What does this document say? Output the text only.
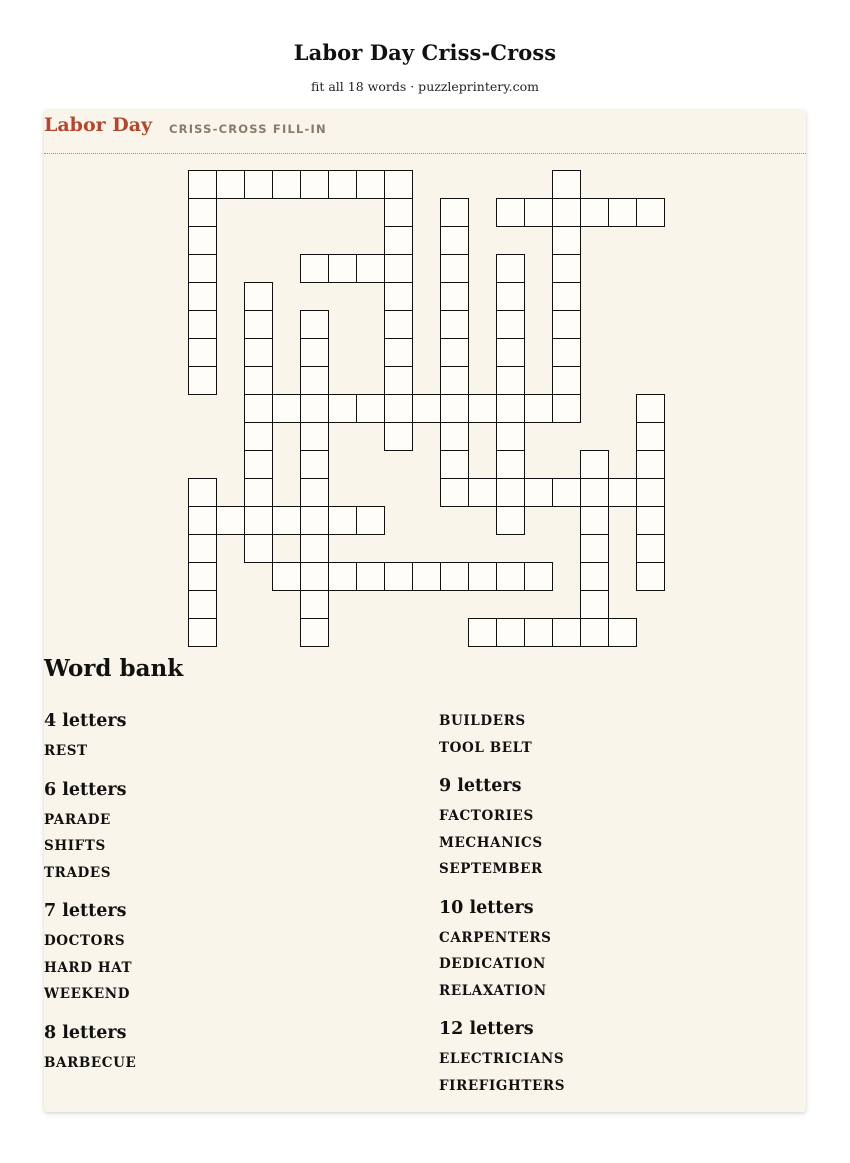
Labor Day Criss-Cross
fit all 18 words · puzzleprintery.com
Labor Day CRISS-CROSS FILL-IN
Word bank
4 letters
REST
6 letters
PARADE
SHIFTS
TRADES
7 letters
DOCTORS
HARD HAT
WEEKEND
8 letters
BARBECUE
BUILDERS
TOOL BELT
9 letters
FACTORIES
MECHANICS
SEPTEMBER
10 letters
CARPENTERS
DEDICATION
RELAXATION
12 letters
ELECTRICIANS
FIREFIGHTERS
